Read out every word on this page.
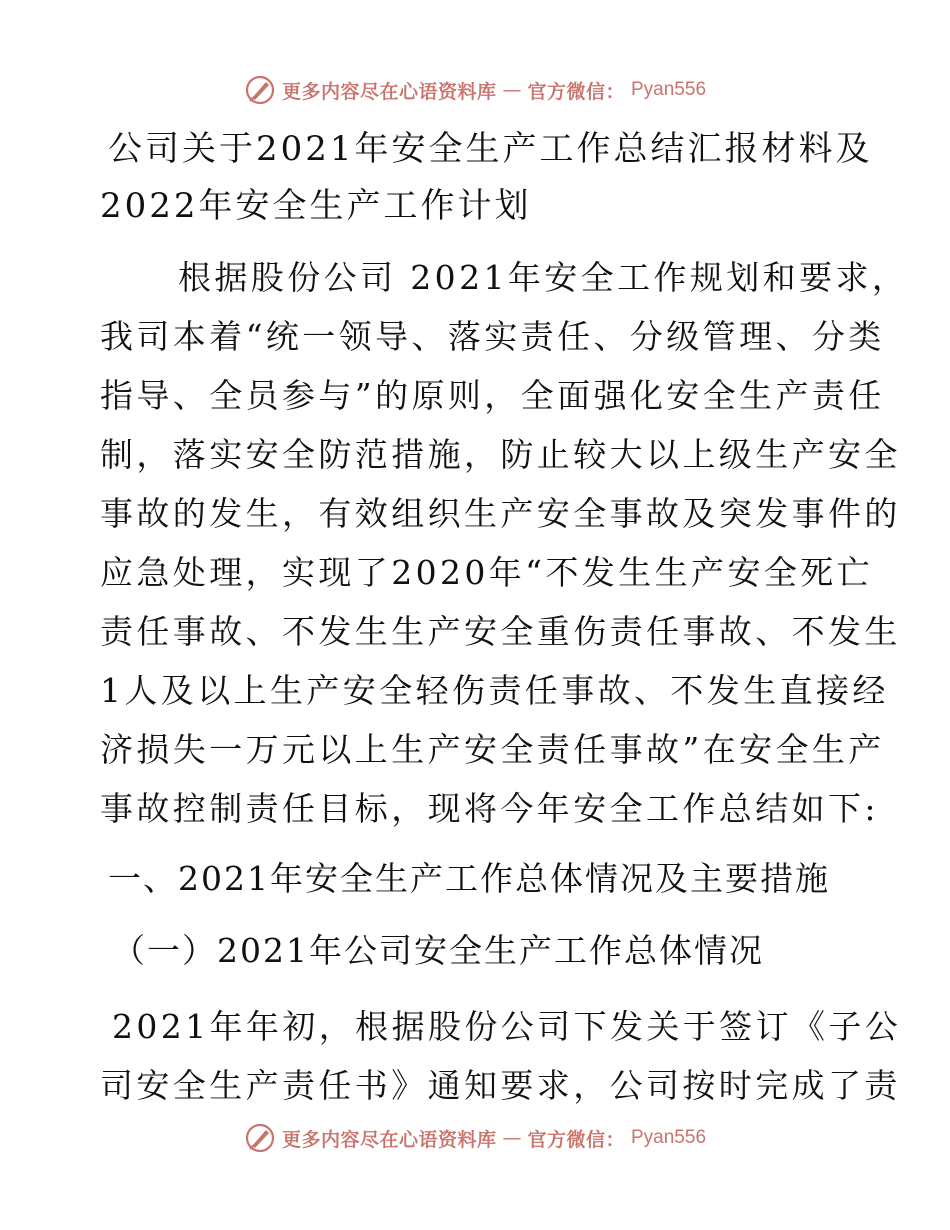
更多内容尽在心语资料库 — 官方微信： Pyan556
公司关于2021年安全生产工作总结汇报材料及
2022年安全生产工作计划
根据股份公司 2021年安全工作规划和要求，
我司本着“统一领导、落实责任、分级管理、分类
指导、全员参与”的原则，全面强化安全生产责任
制，落实安全防范措施，防止较大以上级生产安全
事故的发生，有效组织生产安全事故及突发事件的
应急处理，实现了2020年“不发生生产安全死亡
责任事故、不发生生产安全重伤责任事故、不发生
1人及以上生产安全轻伤责任事故、不发生直接经
济损失一万元以上生产安全责任事故”在安全生产
事故控制责任目标，现将今年安全工作总结如下:
一、2021年安全生产工作总体情况及主要措施
（一）2021年公司安全生产工作总体情况
2021年年初，根据股份公司下发关于签订《子公
司安全生产责任书》通知要求，公司按时完成了责
更多内容尽在心语资料库 — 官方微信： Pyan556
